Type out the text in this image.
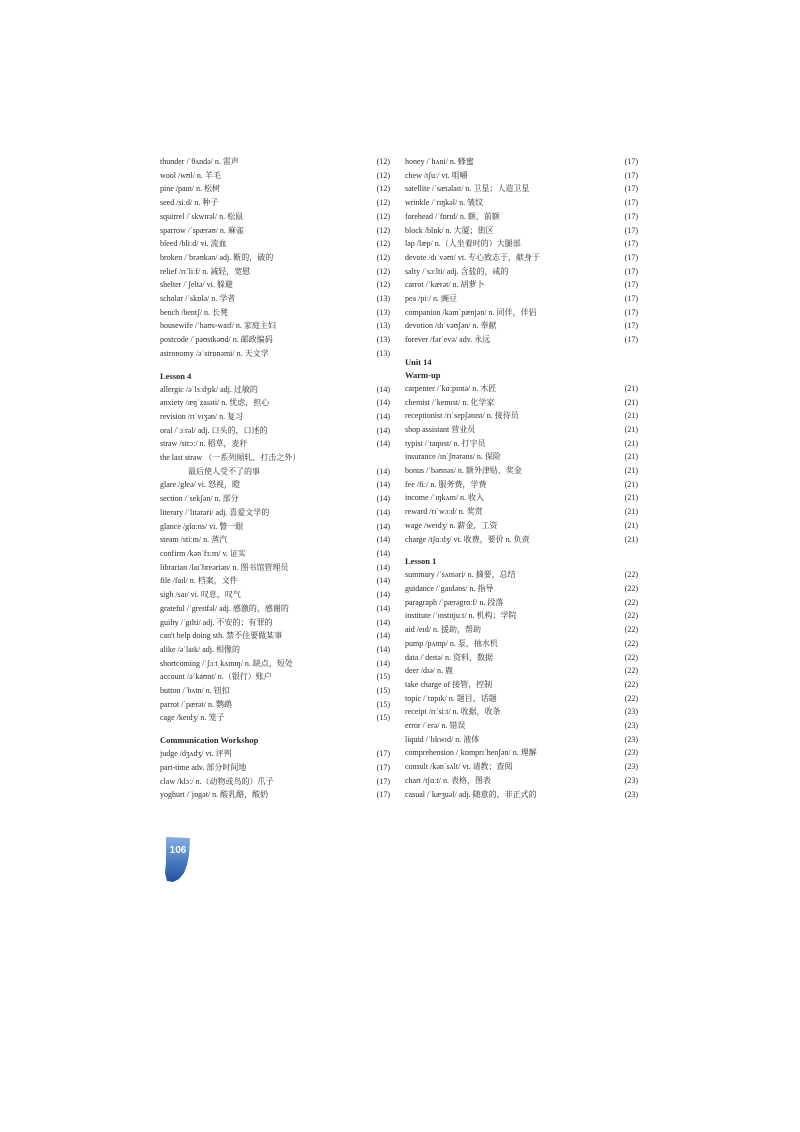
thunder /ˈθʌndə/ n. 雷声	(12)
wool /wʊl/ n. 羊毛	(12)
pine /paɪn/ n. 松树	(12)
seed /siːd/ n. 种子	(12)
squirrel /ˈskwɪrəl/ n. 松鼠	(12)
sparrow /ˈspærəʊ/ n. 麻雀	(12)
bleed /bliːd/ vi. 流血	(12)
broken /ˈbrəʊkən/ adj. 断的，破的	(12)
relief /rɪˈliːf/ n. 减轻，宽慰	(12)
shelter /ˈʃeltə/ vi. 躲避	(12)
scholar /ˈskɒlə/ n. 学者	(13)
bench /bentʃ/ n. 长凳	(13)
housewife /ˈhaʊs-waɪf/ n. 家庭主妇	(13)
postcode /ˈpəʊstkəʊd/ n. 邮政编码	(13)
astronomy /əˈstrɒnəmi/ n. 天文学	(13)
Lesson 4
allergic /əˈlɜːdʒɪk/ adj. 过敏的	(14)
anxiety /æŋˈzaɪəti/ n. 忧虑，担心	(14)
revision /rɪˈvɪʒən/ n. 复习	(14)
oral /ˈɔːrəl/ adj. 口头的，口述的	(14)
straw /strɔː/ n. 稻草，麦秆	(14)
the last straw （一系列倾轧、打击之外）
最后使人受不了的事	(14)
glare /gleə/ vi. 怒视，瞪	(14)
section /ˈsekʃən/ n. 部分	(14)
literary /ˈlɪtərəri/ adj. 喜爱文学的	(14)
glance /glɑːns/ vi. 瞥一眼	(14)
steam /stiːm/ n. 蒸汽	(14)
confirm /kənˈfɜːm/ v. 证实	(14)
librarian /laɪˈbreəriən/ n. 图书馆管理员	(14)
file /faɪl/ n. 档案，文件	(14)
sigh /saɪ/ vi. 叹息，叹气	(14)
grateful /ˈgreɪtfəl/ adj. 感激的，感谢的	(14)
guilty /ˈgɪlti/ adj. 不安的；有罪的	(14)
can't help doing sth. 禁不住要做某事	(14)
alike /əˈlaɪk/ adj. 相像的	(14)
shortcoming /ˈʃɔːtˌkʌmɪŋ/ n. 缺点，短处	(14)
account /əˈkaʊnt/ n.（银行）账户	(15)
button /ˈbʌtn/ n. 钮扣	(15)
parrot /ˈpærət/ n. 鹦鹉	(15)
cage /keɪdʒ/ n. 笼子	(15)
Communication Workshop
judge /dʒʌdʒ/ vt. 评判	(17)
part-time adv. 部分时间地	(17)
claw /klɔː/ n.（动物或鸟的）爪子	(17)
yoghurt /ˈjɒgət/ n. 酸乳酪，酸奶	(17)
honey /ˈhʌni/ n. 蜂蜜	(17)
chew /tʃuː/ vt. 咀嚼	(17)
satellite /ˈsætəlaɪt/ n. 卫星；人造卫星	(17)
wrinkle /ˈrɪŋkəl/ n. 皱纹	(17)
forehead /ˈfɒrɪd/ n. 额，前额	(17)
block /blɒk/ n. 大厦；街区	(17)
lap /læp/ n.（人坐着时的）大腿部	(17)
devote /dɪˈvəʊt/ vt. 专心致志于，献身于	(17)
salty /ˈsɔːlti/ adj. 含盐的，咸的	(17)
carrot /ˈkærət/ n. 胡萝卜	(17)
pea /piː/ n. 豌豆	(17)
companion /kəmˈpænjən/ n. 同伴，伴侣	(17)
devotion /dɪˈvəʊʃən/ n. 奉献	(17)
forever /fərˈevə/ adv. 永远	(17)
Unit 14
Warm-up
carpenter /ˈkɑːpɪntə/ n. 木匠	(21)
chemist /ˈkemɪst/ n. 化学家	(21)
receptionist /rɪˈsepʃənɪst/ n. 接待员	(21)
shop assistant 营业员	(21)
typist /ˈtaɪpɪst/ n. 打字员	(21)
insurance /ɪnˈʃʊərəns/ n. 保险	(21)
bonus /ˈbəʊnəs/ n. 额外津贴，奖金	(21)
fee /fiː/ n. 服务费，学费	(21)
income /ˈɪŋkʌm/ n. 收入	(21)
reward /rɪˈwɔːd/ n. 奖赏	(21)
wage /weɪdʒ/ n. 薪金，工资	(21)
charge /tʃɑːdʒ/ vt. 收费，要价 n. 负责	(21)
Lesson 1
summary /ˈsʌməri/ n. 摘要，总结	(22)
guidance /ˈgaɪdəns/ n. 指导	(22)
paragraph /ˈpærəgrɑːf/ n. 段落	(22)
institute /ˈɪnstɪtjuːt/ n. 机构；学院	(22)
aid /eɪd/ n. 援助，帮助	(22)
pump /pʌmp/ n. 泵，抽水机	(22)
data /ˈdeɪtə/ n. 资料，数据	(22)
deer /dɪə/ n. 鹿	(22)
take charge of 接管，控制	(22)
topic /ˈtɒpɪk/ n. 题目，话题	(22)
receipt /rɪˈsiːt/ n. 收据，收条	(23)
error /ˈerə/ n. 错误	(23)
liquid /ˈlɪkwɪd/ n. 液体	(23)
comprehension /ˌkɒmprɪˈhenʃən/ n. 理解	(23)
consult /kənˈsʌlt/ vt. 请教；查阅	(23)
chart /tʃɑːt/ n. 表格，图表	(23)
casual /ˈkæʒuəl/ adj. 随意的，非正式的	(23)
106
